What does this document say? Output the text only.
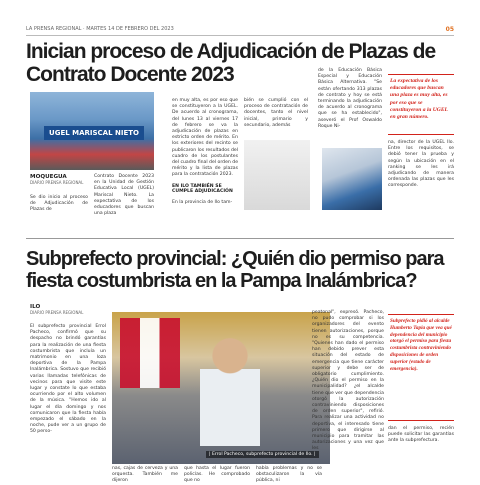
LA PRENSA REGIONAL · MARTES 14 DE FEBRERO DEL 2023	05
Inician proceso de Adjudicación de Plazas de Contrato Docente 2023
UGEL MARISCAL NIETO
MOQUEGUA
DIARIO PRENSA REGIONAL
Se dio inicio al proceso de Adjudicación de Plazas de
Contrato Docente 2023 en la Unidad de Gestión Educativa Local (UGEL) Mariscal Nieto. La expectativa de los educadores que buscan una plaza
en muy alta, es por eso que se constituyeron a la UGEL. De acuerdo al cronograma, del lunes 13 al viernes 17 de febrero se va la adjudicación de plazas en estricto orden de mérito. En los exteriores del recinto se publicaron los resultados del cuadro de los postulantes del cuadro final del orden de mérito y la lista de plazas para la contratación 2023.
EN ILO TAMBIÉN SE CUMPLE ADJUDICACIÓN
En la provincia de Ilo tam-
bién se cumplió con el proceso de contratación de docentes, tanto el nivel inicial, primario y secundario, además
de la Educación Básica Especial y Educación Básica Alternativa. "Se están ofertando 313 plazas de contrato y hoy se está terminando la adjudicación de acuerdo al cronograma que se ha establecido", aseveró el Prof Oswaldo Roque Ni-
La expectativa de los educadores que buscan una plaza es muy alta, es por eso que se constituyeron a la UGEL en gran número.
na, director de la UGEL Ilo. Entre los requisitos, se debió tener la prueba y según la ubicación en el ranking se les irá adjudicando de manera ordenada las plazas que les corresponde.
Subprefecto provincial: ¿Quién dio permiso para fiesta costumbrista en la Pampa Inalámbrica?
ILO
DIARIO PRENSA REGIONAL
El subprefecto provincial Errol Pacheco, confirmó que su despacho no brindó garantías para la realización de una fiesta costumbrista que incluía un matrimonio en una loza deportiva de la Pampa Inalámbrica. Sostuvo que recibió varias llamadas telefónicas de vecinos para que visite este lugar y constate lo que estaba ocurriendo por el alto volumen de la música. "Hemos ido al lugar el día domingo y nos comunicaron que la fiesta había empezado el sábado en la noche, pude ver a un grupo de 50 perso-
| Errol Pacheco, subprefecto provincial de Ilo. |
nas, cajas de cerveza y una orquesta. También me dijeron
que hasta el lugar fueron policías. He comprobado que no
había problemas y no se obstaculizaron la vía pública, ni
peatonal", expresó. Pacheco, no pudo comprobar si los organizadores del evento tienen autorizaciones, porque no es su competencia. "Quienes han dado el permiso han debido prever esta situación del estado de emergencia que tiene carácter superior y debe ser de obligatorio cumplimiento. ¿Quién dio el permiso en la municipalidad? ¿el alcalde tiene que ver que dependencia otorgó la autorización contraviniendo disposiciones de orden superior", refirió. Para realizar una actividad no deportiva, el interesado tiene primero que dirigirse al municipio para tramitar las autorizaciones y una vez que les
Subprefecto pidió al alcalde Humberto Tapia que vea qué dependencia del municipio otorgó el permiso para fiesta costumbrista contraviniendo disposiciones de orden superior (estado de emergencia).
dan el permiso, recién puede solicitar las garantías ante la subprefectura.
